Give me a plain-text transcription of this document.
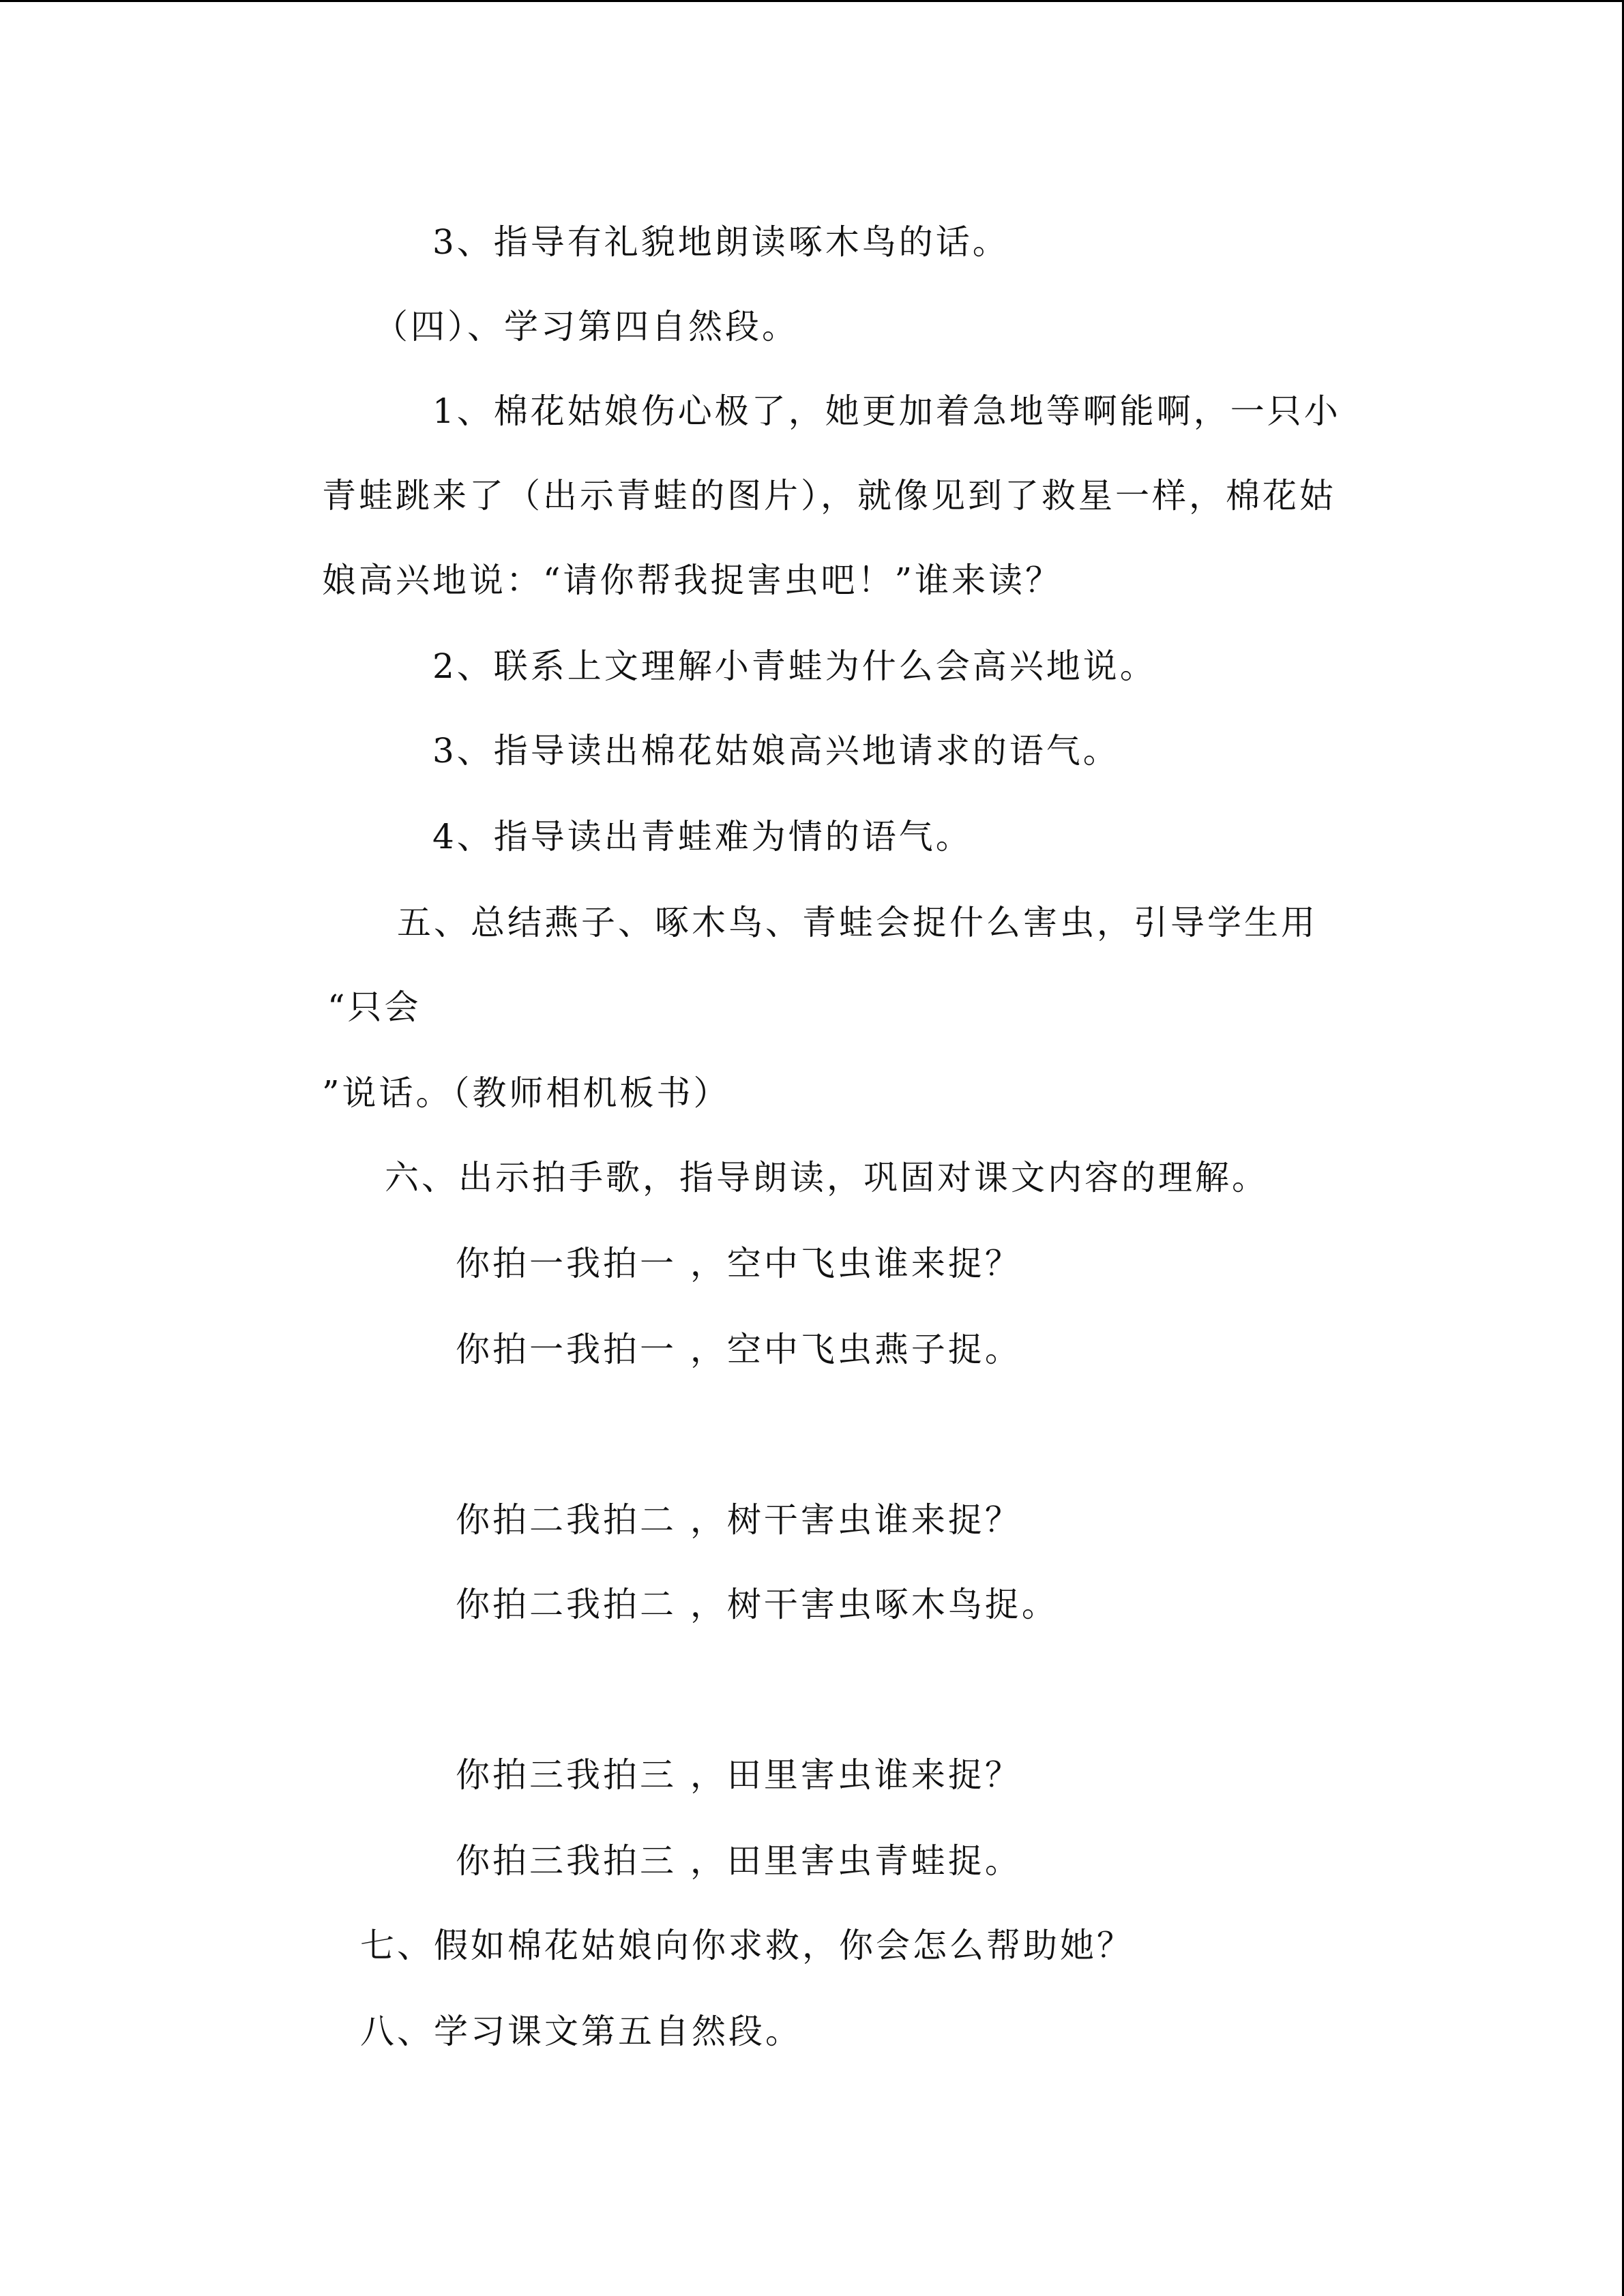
3、指导有礼貌地朗读啄木鸟的话。
（四）、学习第四自然段。
1、棉花姑娘伤心极了，她更加着急地等啊能啊，一只小
青蛙跳来了（出示青蛙的图片），就像见到了救星一样，棉花姑
娘高兴地说：“请你帮我捉害虫吧！”谁来读？
2、联系上文理解小青蛙为什么会高兴地说。
3、指导读出棉花姑娘高兴地请求的语气。
4、指导读出青蛙难为情的语气。
五、总结燕子、啄木鸟、青蛙会捉什么害虫，引导学生用
“只会
”说话。（教师相机板书）
六、出示拍手歌，指导朗读，巩固对课文内容的理解。
你拍一我拍一 ，空中飞虫谁来捉？
你拍一我拍一 ，空中飞虫燕子捉。
你拍二我拍二 ，树干害虫谁来捉？
你拍二我拍二 ，树干害虫啄木鸟捉。
你拍三我拍三 ，田里害虫谁来捉？
你拍三我拍三 ，田里害虫青蛙捉。
七、假如棉花姑娘向你求救，你会怎么帮助她？
八、学习课文第五自然段。
